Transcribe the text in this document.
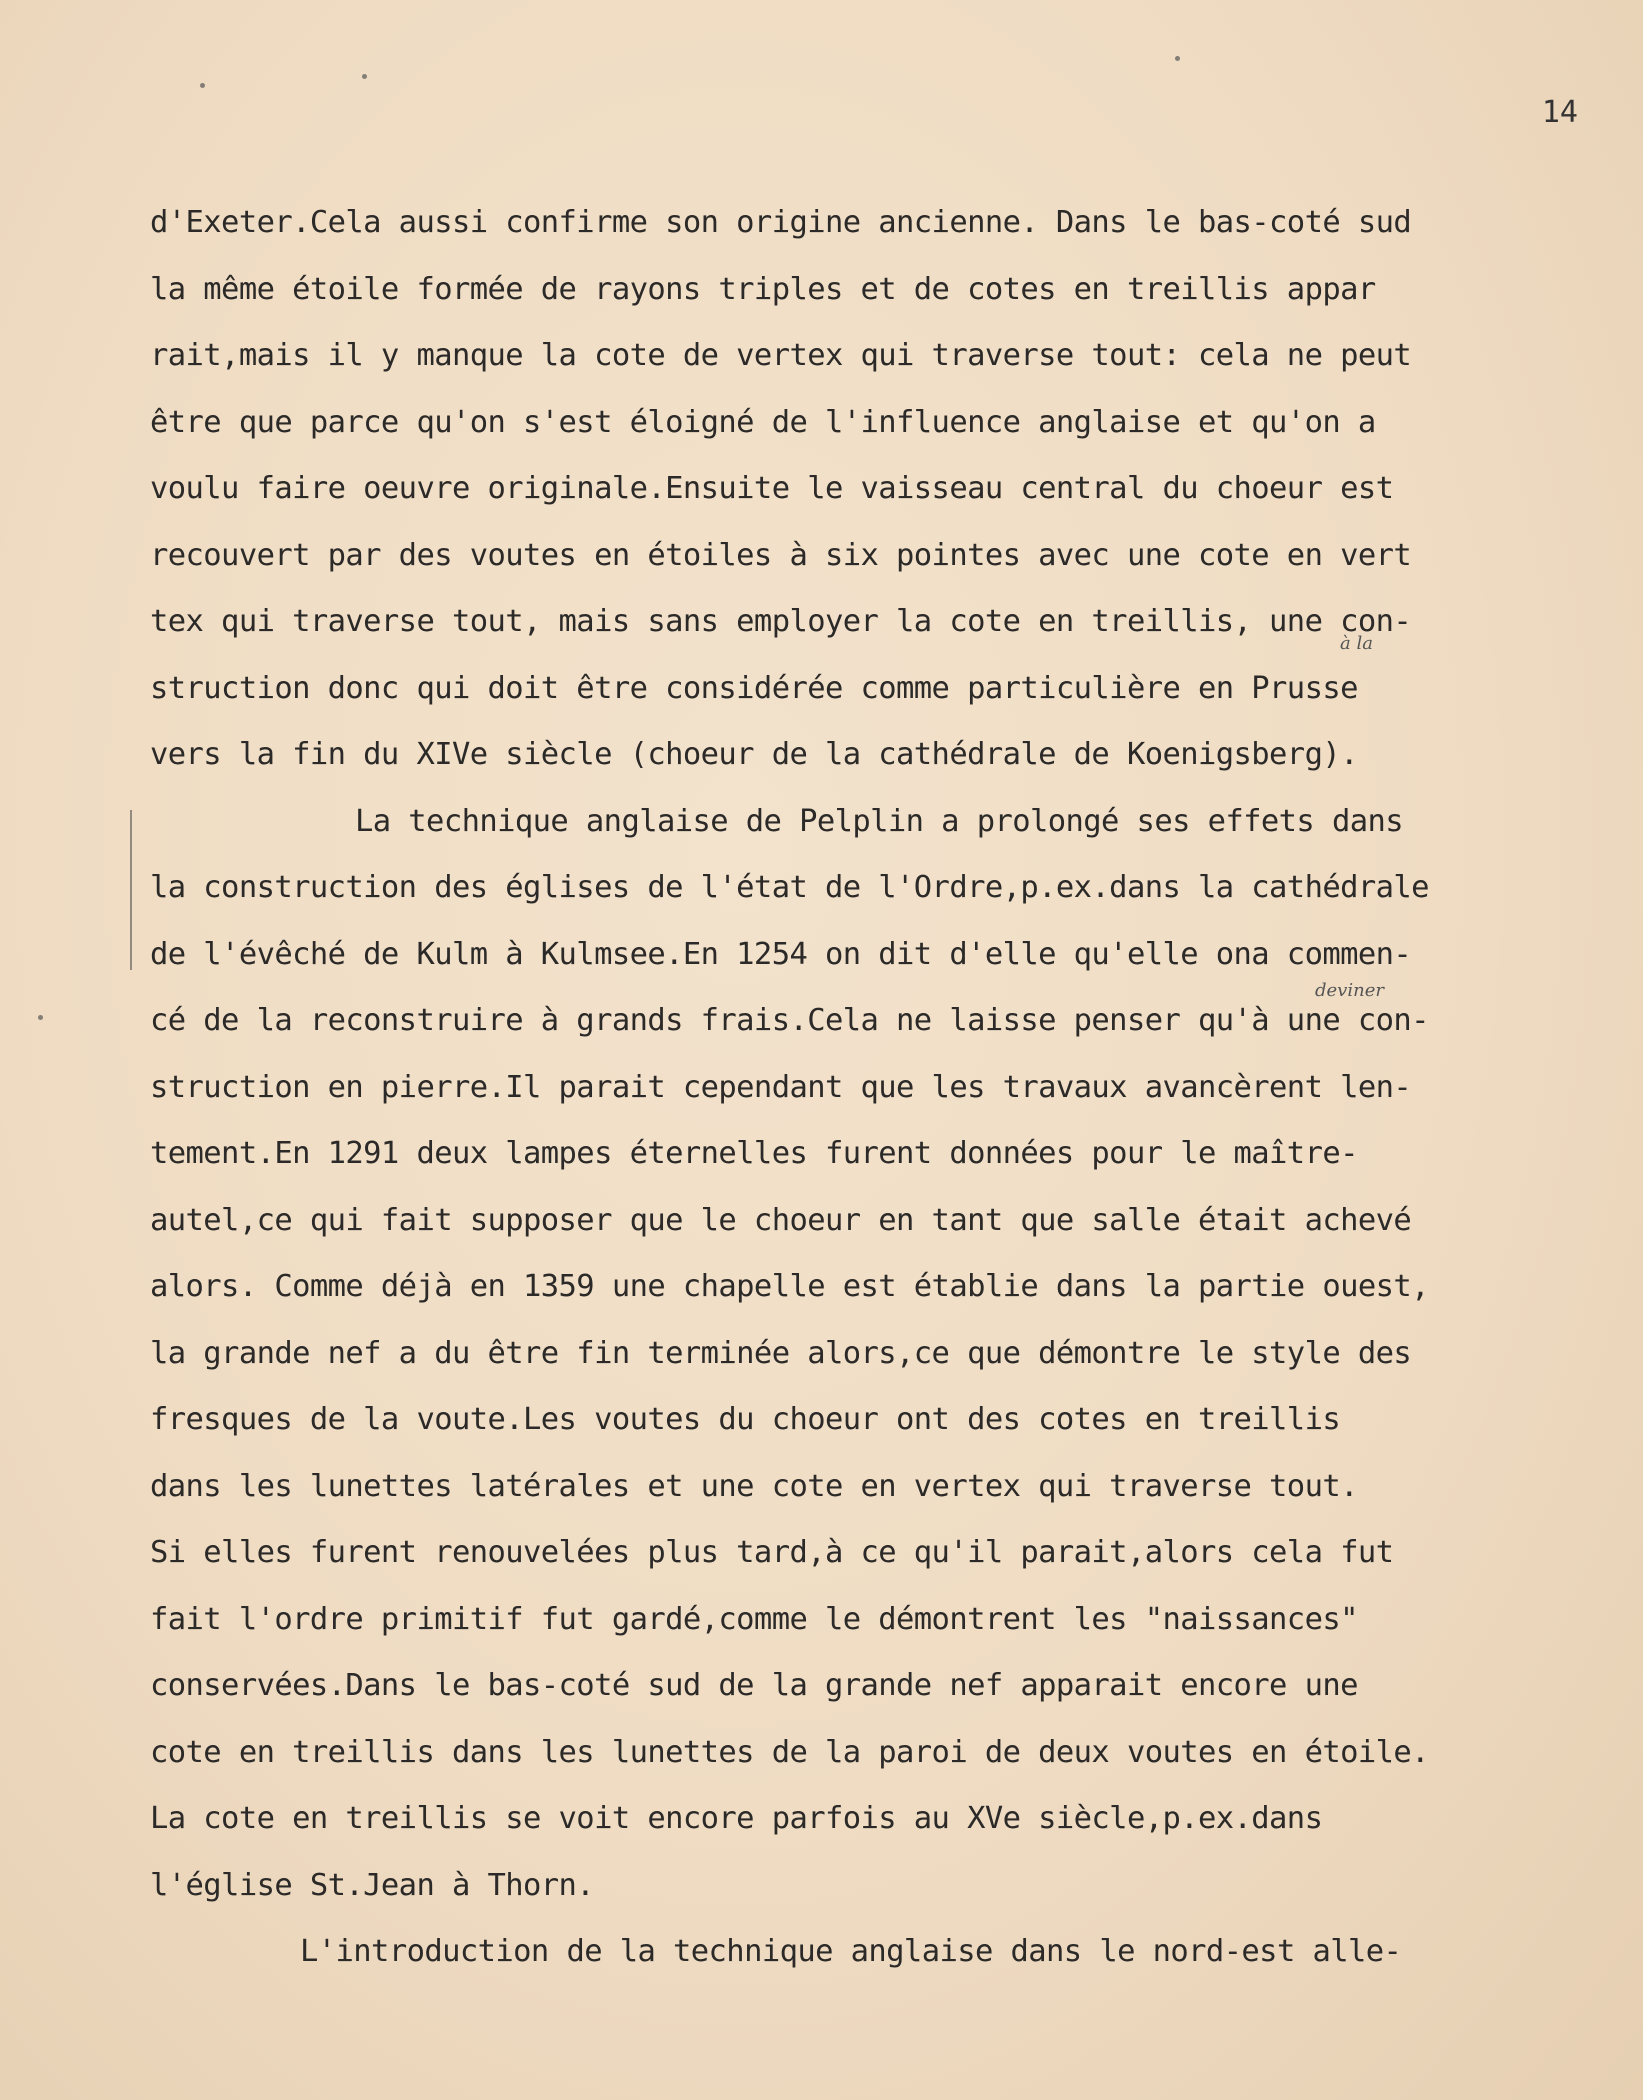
14
à la
deviner
d'Exeter.Cela aussi confirme son origine ancienne. Dans le bas-coté sud
la même étoile formée de rayons triples et de cotes en treillis appar
rait,mais il y manque la cote de vertex qui traverse tout: cela ne peut
être que parce qu'on s'est éloigné de l'influence anglaise et qu'on a
voulu faire oeuvre originale.Ensuite le vaisseau central du choeur est
recouvert par des voutes en étoiles à six pointes avec une cote en vert
tex qui traverse tout, mais sans employer la cote en treillis, une con-
struction donc qui doit être considérée comme particulière en Prusse
vers la fin du XIVe siècle (choeur de la cathédrale de Koenigsberg).
La technique anglaise de Pelplin a prolongé ses effets dans
la construction des églises de l'état de l'Ordre,p.ex.dans la cathédrale
de l'évêché de Kulm à Kulmsee.En 1254 on dit d'elle qu'elle ona commen-
cé de la reconstruire à grands frais.Cela ne laisse penser qu'à une con-
struction en pierre.Il parait cependant que les travaux avancèrent len-
tement.En 1291 deux lampes éternelles furent données pour le maître-
autel,ce qui fait supposer que le choeur en tant que salle était achevé
alors. Comme déjà en 1359 une chapelle est établie dans la partie ouest,
la grande nef a du être fin terminée alors,ce que démontre le style des
fresques de la voute.Les voutes du choeur ont des cotes en treillis
dans les lunettes latérales et une cote en vertex qui traverse tout.
Si elles furent renouvelées plus tard,à ce qu'il parait,alors cela fut
fait l'ordre primitif fut gardé,comme le démontrent les "naissances"
conservées.Dans le bas-coté sud de la grande nef apparait encore une
cote en treillis dans les lunettes de la paroi de deux voutes en étoile.
La cote en treillis se voit encore parfois au XVe siècle,p.ex.dans
l'église St.Jean à Thorn.
L'introduction de la technique anglaise dans le nord-est alle-
